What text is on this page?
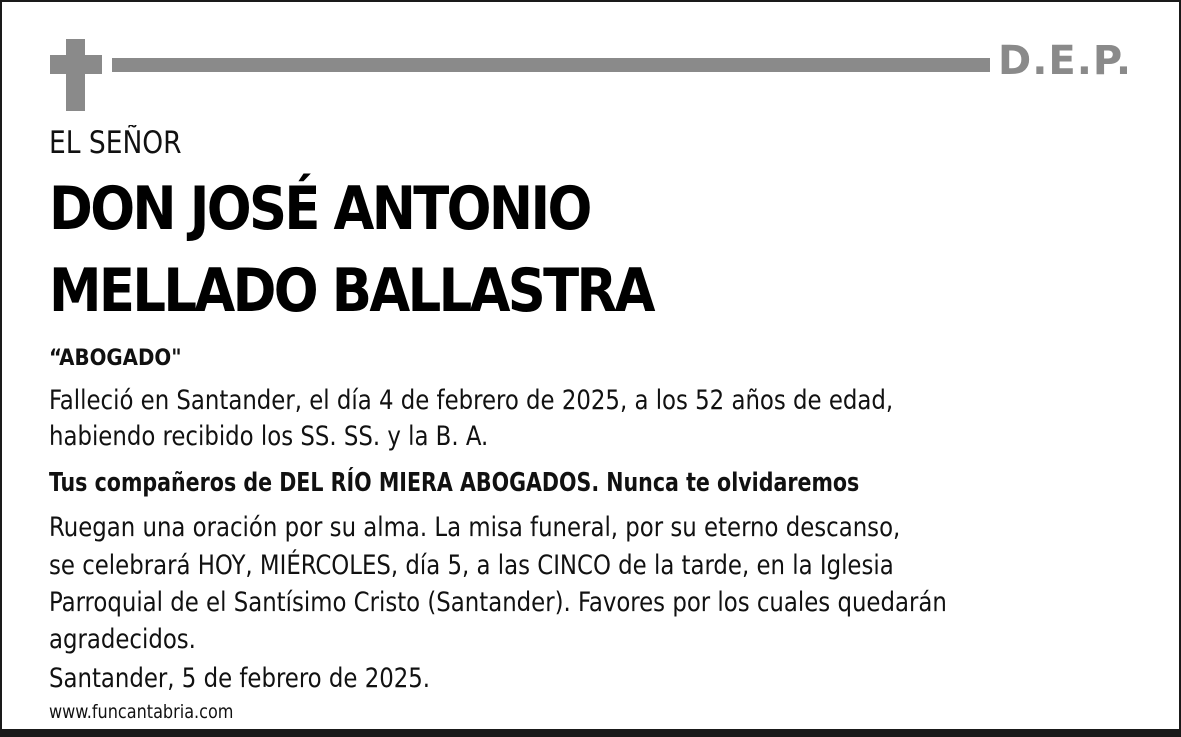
D.E.P.
EL SEÑOR
DON JOSÉ ANTONIO
MELLADO BALLASTRA
“ABOGADO"
Falleció en Santander, el día 4 de febrero de 2025, a los 52 años de edad,
habiendo recibido los SS. SS. y la B. A.
Tus compañeros de DEL RÍO MIERA ABOGADOS. Nunca te olvidaremos
Ruegan una oración por su alma. La misa funeral, por su eterno descanso,
se celebrará HOY, MIÉRCOLES, día 5, a las CINCO de la tarde, en la Iglesia
Parroquial de el Santísimo Cristo (Santander). Favores por los cuales quedarán
agradecidos.
Santander, 5 de febrero de 2025.
www.funcantabria.com
